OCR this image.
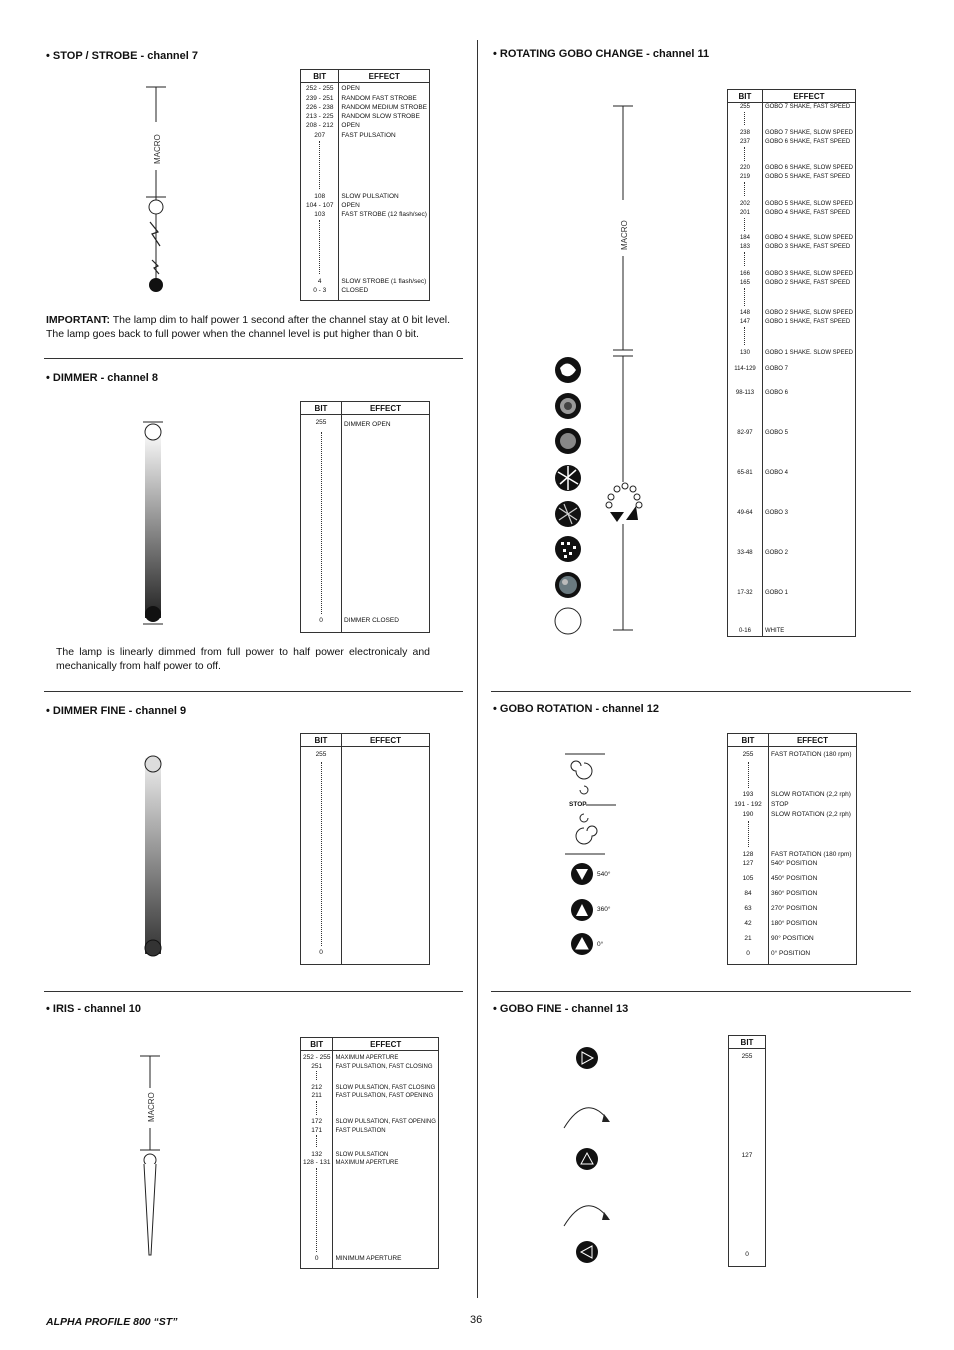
• STOP / STROBE - channel 7
MACRO
BIT	EFFECT
252 - 255	OPEN
239 - 251	RANDOM FAST STROBE
226 - 238	RANDOM MEDIUM STROBE
213 - 225	RANDOM SLOW STROBE
208 - 212	OPEN
207	FAST PULSATION

108	SLOW PULSATION
104 - 107	OPEN
103	FAST STROBE (12 flash/sec)

4	SLOW STROBE (1 flash/sec)
0 - 3	CLOSED
IMPORTANT: The lamp dim to half power 1 second after the channel stay at 0 bit level. The lamp goes back to full power when the channel level is put higher than 0 bit.
• DIMMER - channel 8
BIT	EFFECT
255	DIMMER OPEN

0	DIMMER CLOSED
The lamp is linearly dimmed from full power to half power electronicaly and mechanically from half power to off.
• DIMMER FINE - channel 9
BIT	EFFECT
255	

0	
• IRIS - channel 10
MACRO
BIT	EFFECT
252 - 255	MAXIMUM APERTURE
251	FAST PULSATION, FAST CLOSING

212	SLOW PULSATION, FAST CLOSING
211	FAST PULSATION, FAST OPENING

172	SLOW PULSATION, FAST OPENING
171	FAST PULSATION

132	SLOW PULSATION
128 - 131	MAXIMUM APERTURE

0	MINIMUM APERTURE
• ROTATING GOBO CHANGE - channel 11
MACRO
BIT	EFFECT
255	GOBO 7 SHAKE, FAST SPEED

238	GOBO 7 SHAKE, SLOW SPEED
237	GOBO 6 SHAKE, FAST SPEED

220	GOBO 6 SHAKE, SLOW SPEED
219	GOBO 5 SHAKE, FAST SPEED

202	GOBO 5 SHAKE, SLOW SPEED
201	GOBO 4 SHAKE, FAST SPEED

184	GOBO 4 SHAKE, SLOW SPEED
183	GOBO 3 SHAKE, FAST SPEED

166	GOBO 3 SHAKE, SLOW SPEED
165	GOBO 2 SHAKE, FAST SPEED

148	GOBO 2 SHAKE, SLOW SPEED
147	GOBO 1 SHAKE, FAST SPEED

130	GOBO 1 SHAKE. SLOW SPEED
114-129	GOBO 7
98-113	GOBO 6
82-97	GOBO 5
65-81	GOBO 4
49-64	GOBO 3
33-48	GOBO 2
17-32	GOBO 1
0-16	WHITE
• GOBO ROTATION - channel 12
STOP
540°
360°
0°
BIT	EFFECT
255	FAST ROTATION (180 rpm)

193	SLOW ROTATION (2,2 rph)
191 - 192	STOP
190	SLOW ROTATION (2,2 rph)

128	FAST ROTATION (180 rpm)
127	540° POSITION
105	450° POSITION
84	360° POSITION
63	270° POSITION
42	180° POSITION
21	90° POSITION
0	0° POSITION
• GOBO FINE - channel 13
BIT
255

127

0
ALPHA PROFILE 800 “ST”	36
